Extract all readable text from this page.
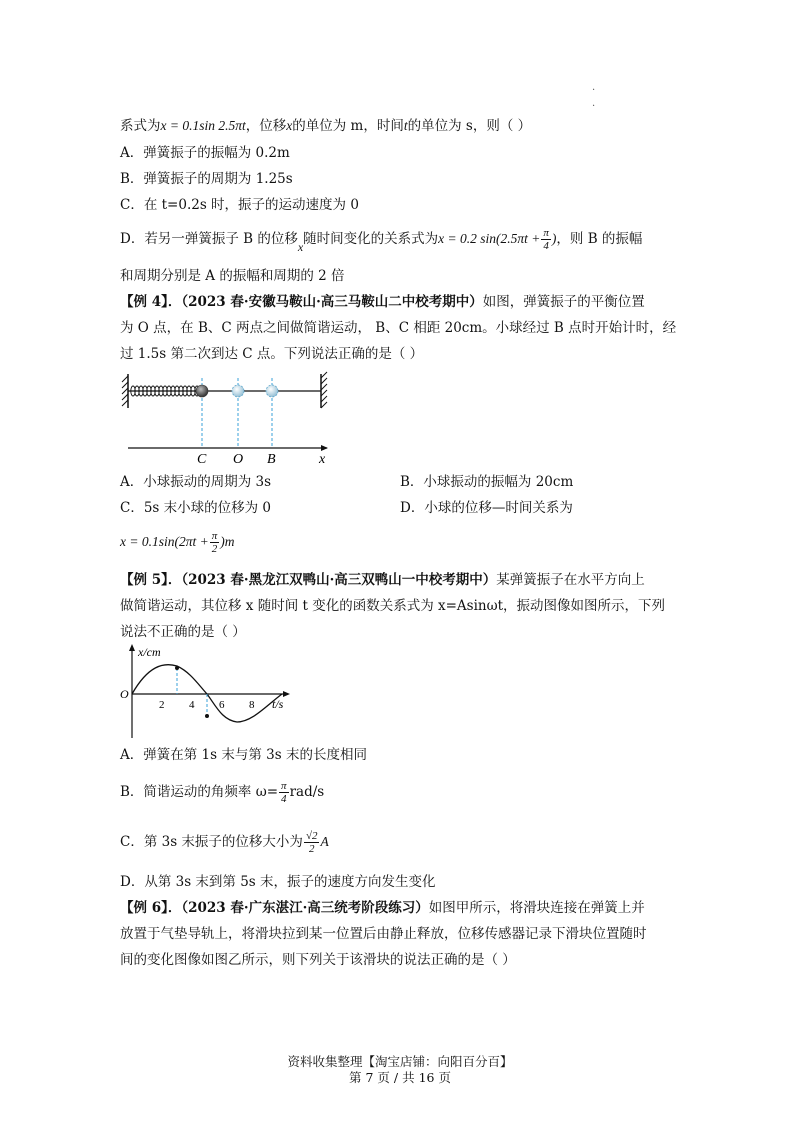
.
.
系式为x = 0.1sin 2.5πt，位移x的单位为 m，时间t的单位为 s，则（ ）
A．弹簧振子的振幅为 0.2m
B．弹簧振子的周期为 1.25s
C．在 t=0.2s 时，振子的运动速度为 0
D．若另一弹簧振子 B 的位移x随时间变化的关系式为x = 0.2 $\sin(2.5\pi t + \frac{\pi}{4}$ )，则 B 的振幅
和周期分别是 A 的振幅和周期的 2 倍
【例 4】．（2023 春·安徽马鞍山·高三马鞍山二中校考期中）如图，弹簧振子的平衡位置
为 O 点，在 B、C 两点之间做简谐运动， B、C 相距 20cm。小球经过 B 点时开始计时，经
过 1.5s 第二次到达 C 点。下列说法正确的是（ ）
C O B	x
A．小球振动的周期为 3s	B．小球振动的振幅为 20cm
C．5s 末小球的位移为 0	D．小球的位移—时间关系为
$x = 0.1\sin(2\pi t + \frac{\pi}{2} )m$
【例 5】．（2023 春·黑龙江双鸭山·高三双鸭山一中校考期中）某弹簧振子在水平方向上
做简谐运动，其位移 x 随时间 t 变化的函数关系式为 x=Asinωt，振动图像如图所示，下列
说法不正确的是（ ）
x/cm
t/s
O
2 4 6 8
A．弹簧在第 1s 末与第 3s 末的长度相同
B．简谐运动的角频率 $\omega= \frac{\pi}{4} rad/s$
C．第 3s 末振子的位移大小为 $\frac{√2}{2}$ A
D．从第 3s 末到第 5s 末，振子的速度方向发生变化
【例 6】．（2023 春·广东湛江·高三统考阶段练习）如图甲所示，将滑块连接在弹簧上并
放置于气垫导轨上，将滑块拉到某一位置后由静止释放，位移传感器记录下滑块位置随时
间的变化图像如图乙所示，则下列关于该滑块的说法正确的是（ ）
资料收集整理【淘宝店铺：向阳百分百】
第 7 页 / 共 16 页
